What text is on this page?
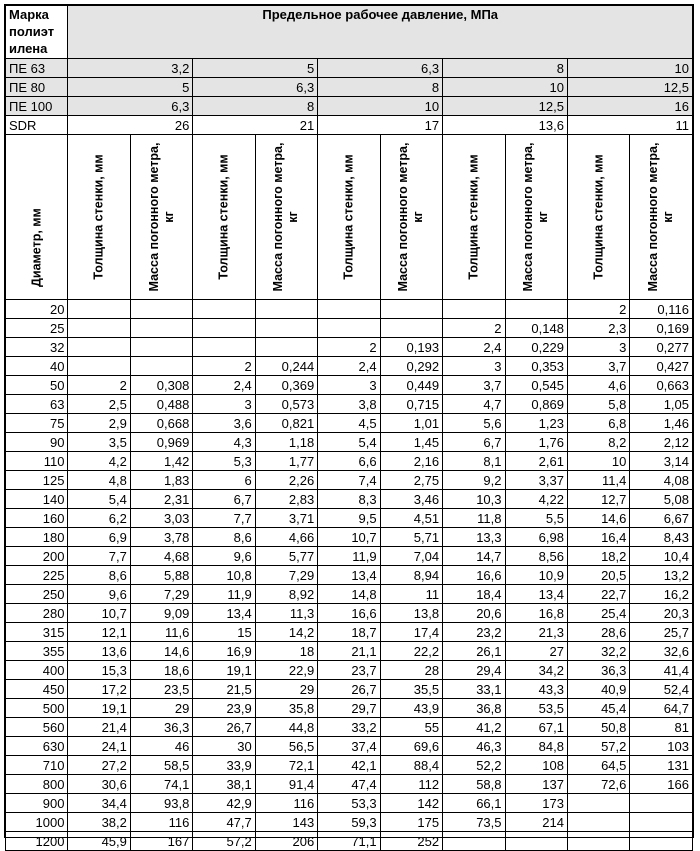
Марка полиэт илена	Предельное рабочее давление, МПа									
ПЕ 63	3,2		5		6,3		8		10	
ПЕ 80	5		6,3		8		10		12,5	
ПЕ 100	6,3		8		10		12,5		16	
SDR	26		21		17		13,6		11	

Диаметр, мм	Толщина стенки, мм	Масса погонного метра, кг	Толщина стенки, мм	Масса погонного метра, кг	Толщина стенки, мм	Масса погонного метра, кг	Толщина стенки, мм	Масса погонного метра, кг	Толщина стенки, мм	Масса погонного метра, кг

20									2	0,116
25							2	0,148	2,3	0,169
32					2	0,193	2,4	0,229	3	0,277
40			2	0,244	2,4	0,292	3	0,353	3,7	0,427
50	2	0,308	2,4	0,369	3	0,449	3,7	0,545	4,6	0,663
63	2,5	0,488	3	0,573	3,8	0,715	4,7	0,869	5,8	1,05
75	2,9	0,668	3,6	0,821	4,5	1,01	5,6	1,23	6,8	1,46
90	3,5	0,969	4,3	1,18	5,4	1,45	6,7	1,76	8,2	2,12
110	4,2	1,42	5,3	1,77	6,6	2,16	8,1	2,61	10	3,14
125	4,8	1,83	6	2,26	7,4	2,75	9,2	3,37	11,4	4,08
140	5,4	2,31	6,7	2,83	8,3	3,46	10,3	4,22	12,7	5,08
160	6,2	3,03	7,7	3,71	9,5	4,51	11,8	5,5	14,6	6,67
180	6,9	3,78	8,6	4,66	10,7	5,71	13,3	6,98	16,4	8,43
200	7,7	4,68	9,6	5,77	11,9	7,04	14,7	8,56	18,2	10,4
225	8,6	5,88	10,8	7,29	13,4	8,94	16,6	10,9	20,5	13,2
250	9,6	7,29	11,9	8,92	14,8	11	18,4	13,4	22,7	16,2
280	10,7	9,09	13,4	11,3	16,6	13,8	20,6	16,8	25,4	20,3
315	12,1	11,6	15	14,2	18,7	17,4	23,2	21,3	28,6	25,7
355	13,6	14,6	16,9	18	21,1	22,2	26,1	27	32,2	32,6
400	15,3	18,6	19,1	22,9	23,7	28	29,4	34,2	36,3	41,4
450	17,2	23,5	21,5	29	26,7	35,5	33,1	43,3	40,9	52,4
500	19,1	29	23,9	35,8	29,7	43,9	36,8	53,5	45,4	64,7
560	21,4	36,3	26,7	44,8	33,2	55	41,2	67,1	50,8	81
630	24,1	46	30	56,5	37,4	69,6	46,3	84,8	57,2	103
710	27,2	58,5	33,9	72,1	42,1	88,4	52,2	108	64,5	131
800	30,6	74,1	38,1	91,4	47,4	112	58,8	137	72,6	166
900	34,4	93,8	42,9	116	53,3	142	66,1	173		
1000	38,2	116	47,7	143	59,3	175	73,5	214		
1200	45,9	167	57,2	206	71,1	252				
